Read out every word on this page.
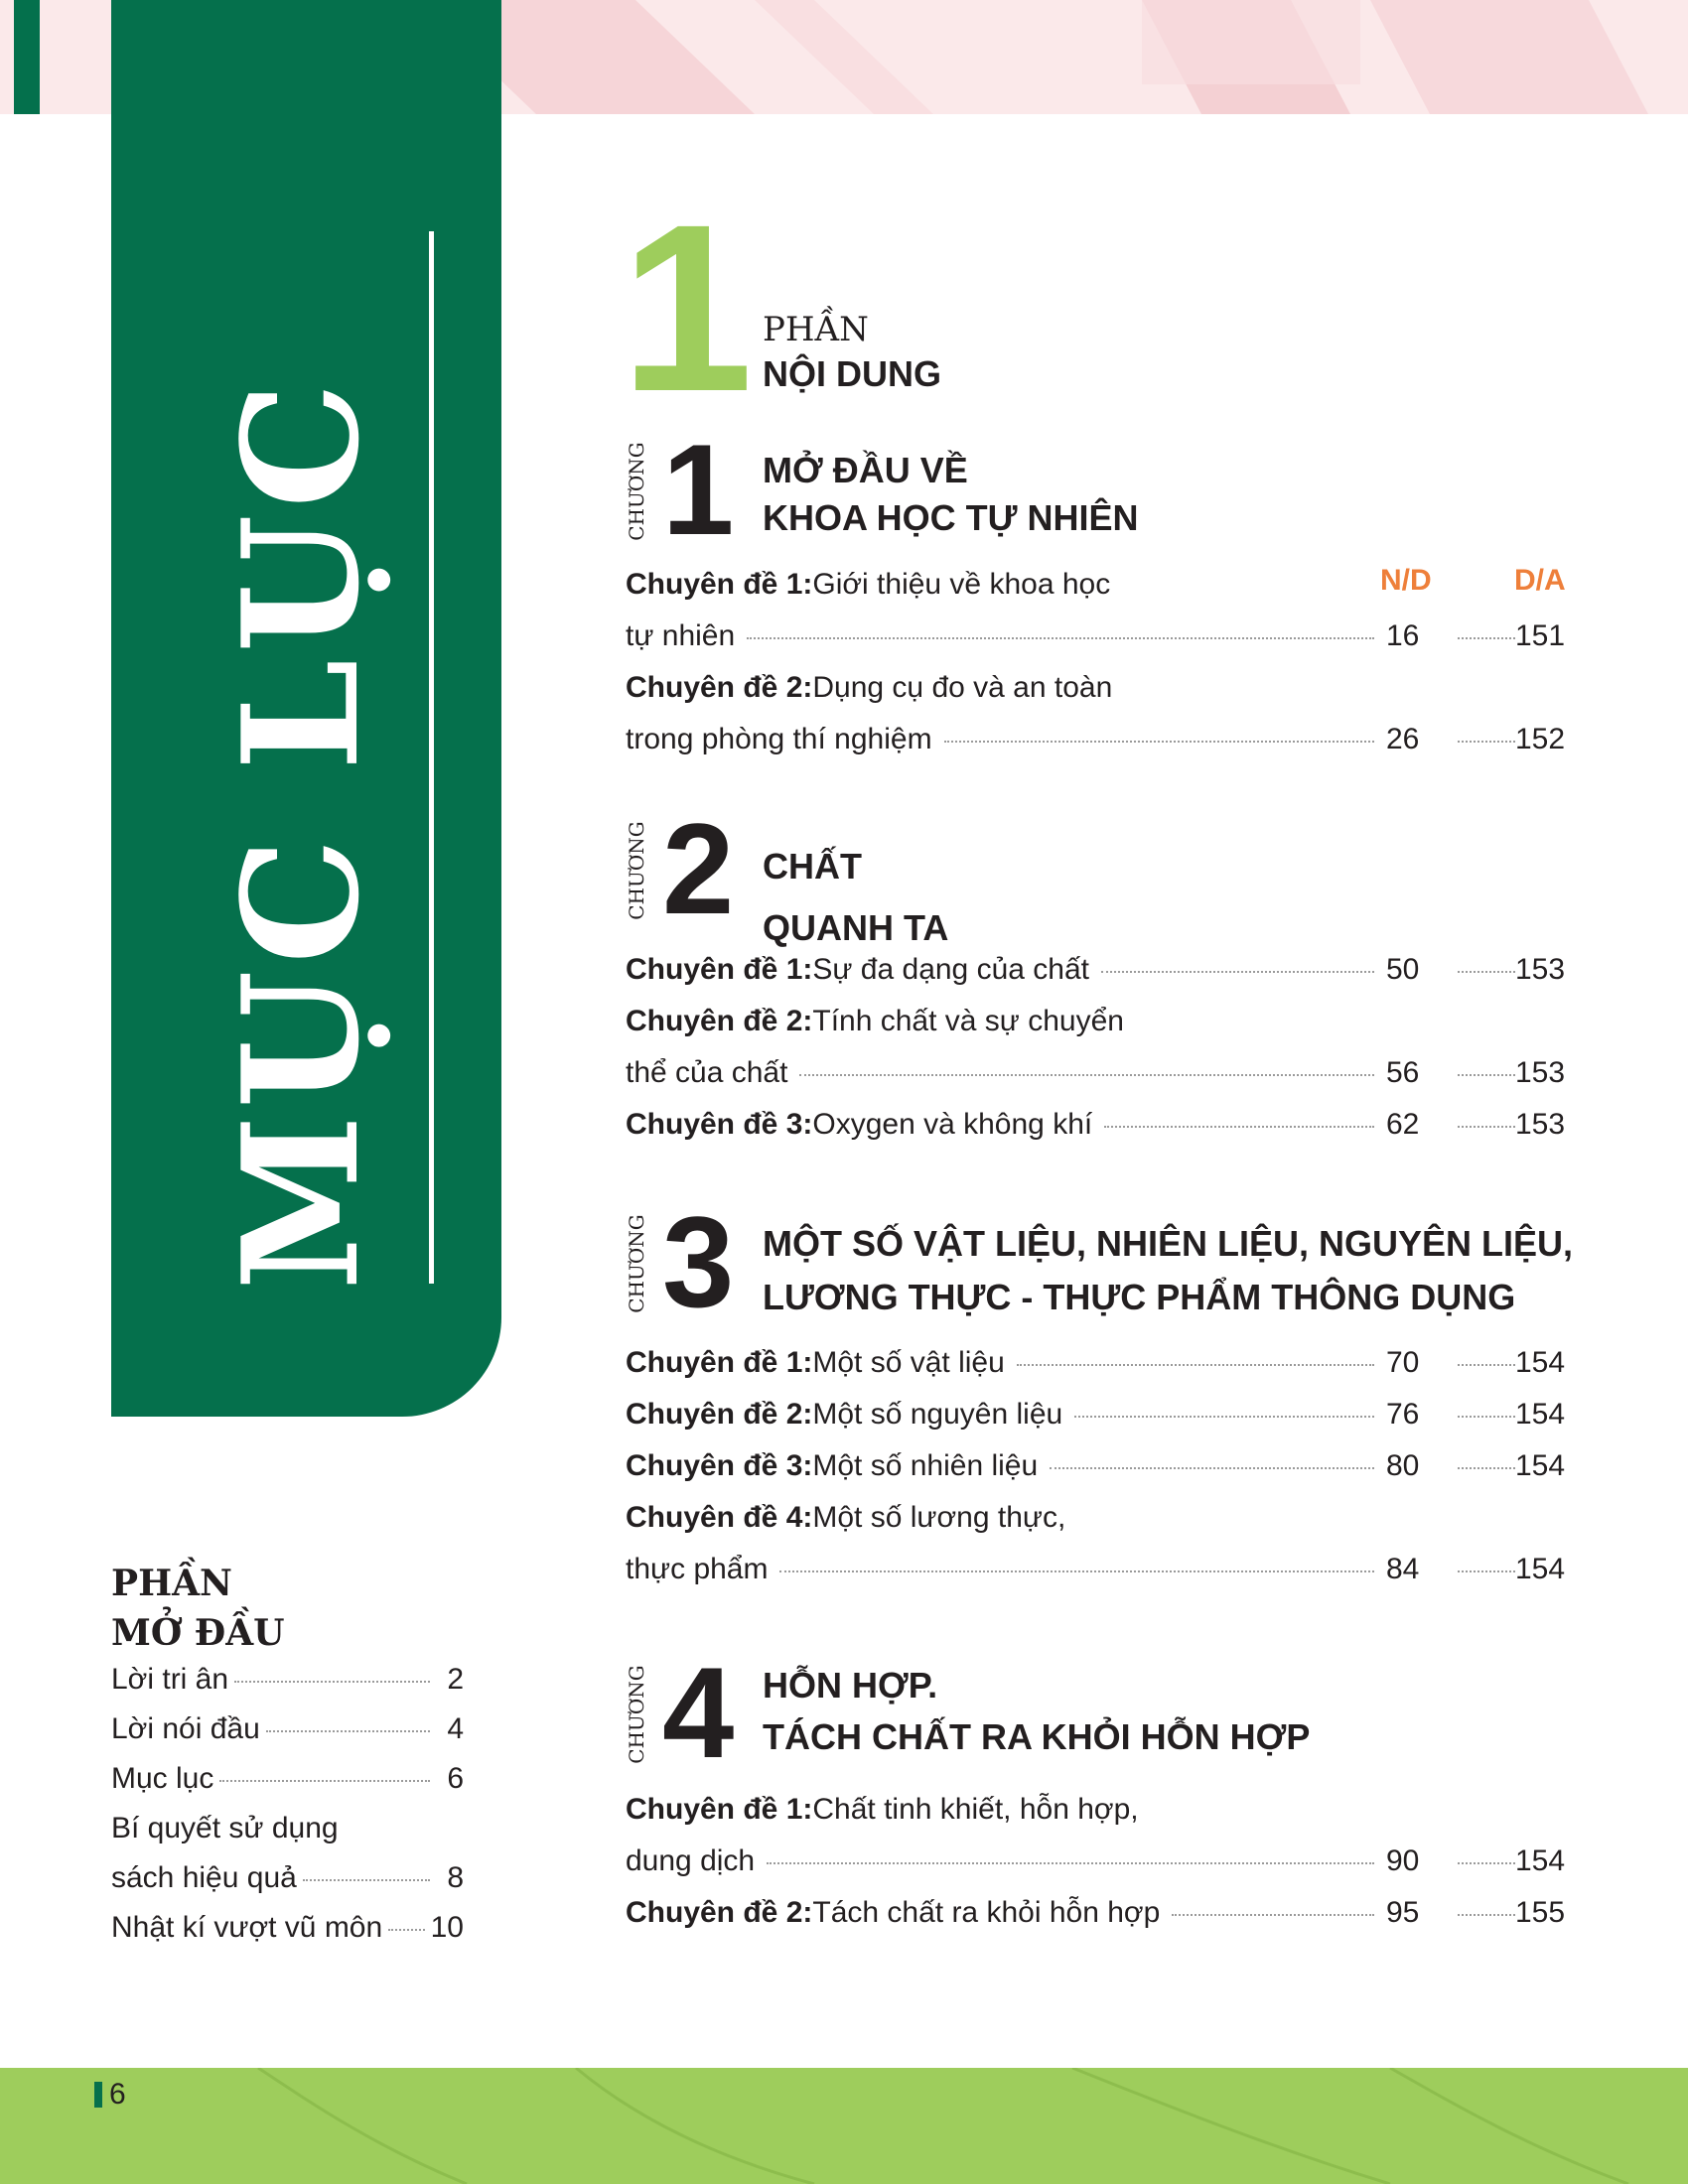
MỤC LỤC
PHẦN
MỞ ĐẦU
Lời tri ân	2
Lời nói đầu	4
Mục lục	6
Bí quyết sử dụng
sách hiệu quả	8
Nhật kí vượt vũ môn 10
1 PHẦN
NỘI DUNG
N/D	D/A
CHƯƠNG 1 MỞ ĐẦU VỀ
KHOA HỌC TỰ NHIÊN
Chuyên đề 1: Giới thiệu về khoa học
tự nhiên	16	151
Chuyên đề 2: Dụng cụ đo và an toàn
trong phòng thí nghiệm	26	152
CHƯƠNG 2 CHẤT
QUANH TA
Chuyên đề 1: Sự đa dạng của chất	50	153
Chuyên đề 2: Tính chất và sự chuyển
thể của chất	56	153
Chuyên đề 3: Oxygen và không khí	62	153
CHƯƠNG 3 MỘT SỐ VẬT LIỆU, NHIÊN LIỆU, NGUYÊN LIỆU,
LƯƠNG THỰC - THỰC PHẨM THÔNG DỤNG
Chuyên đề 1: Một số vật liệu	70	154
Chuyên đề 2: Một số nguyên liệu	76	154
Chuyên đề 3: Một số nhiên liệu	80	154
Chuyên đề 4: Một số lương thực,
thực phẩm	84	154
CHƯƠNG 4 HỖN HỢP.
TÁCH CHẤT RA KHỎI HỖN HỢP
Chuyên đề 1: Chất tinh khiết, hỗn hợp,
dung dịch	90	154
Chuyên đề 2: Tách chất ra khỏi hỗn hợp	95	155
6
